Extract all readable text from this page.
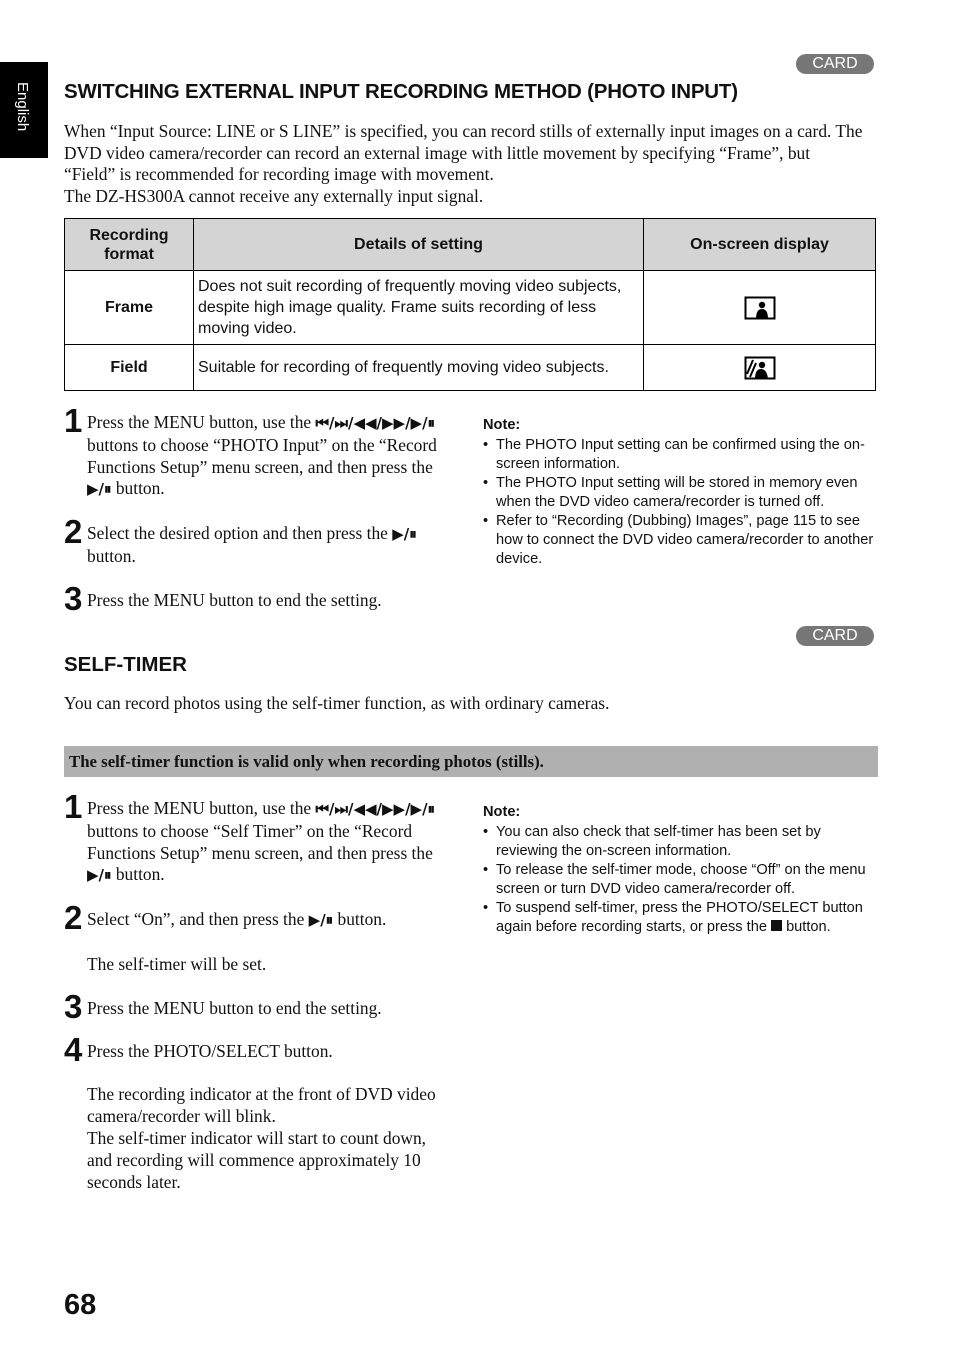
English
CARD
SWITCHING EXTERNAL INPUT RECORDING METHOD (PHOTO INPUT)

When “Input Source: LINE or S LINE” is specified, you can record stills of externally input images on a card. The DVD video camera/recorder can record an external image with little movement by specifying “Frame”, but “Field” is recommended for recording image with movement.

The DZ-HS300A cannot receive any externally input signal.

Recording format	Details of setting	On-screen display
Frame	Does not suit recording of frequently moving video subjects, despite high image quality. Frame suits recording of less moving video.	
Field	Suitable for recording of frequently moving video subjects.	
1 Press the MENU button, use the ⏮/⏭/◀◀/▶▶/▶/⏸ buttons to choose “PHOTO Input” on the “Record Functions Setup” menu screen, and then press the ▶/⏸ button.

2 Select the desired option and then press the ▶/⏸ button.

3 Press the MENU button to end the setting.

Note:
• The PHOTO Input setting can be confirmed using the on-screen information.
• The PHOTO Input setting will be stored in memory even when the DVD video camera/recorder is turned off.
• Refer to “Recording (Dubbing) Images”, page 115 to see how to connect the DVD video camera/recorder to another device.
CARD
SELF-TIMER
You can record photos using the self-timer function, as with ordinary cameras.
The self-timer function is valid only when recording photos (stills).
1 Press the MENU button, use the ⏮/⏭/◀◀/▶▶/▶/⏸ buttons to choose “Self Timer” on the “Record Functions Setup” menu screen, and then press the ▶/⏸ button.

2 Select “On”, and then press the ▶/⏸ button.

The self-timer will be set.

3 Press the MENU button to end the setting.

4 Press the PHOTO/SELECT button.

The recording indicator at the front of DVD video camera/recorder will blink.

The self-timer indicator will start to count down, and recording will commence approximately 10 seconds later.

Note:
• You can also check that self-timer has been set by reviewing the on-screen information.
• To release the self-timer mode, choose “Off” on the menu screen or turn DVD video camera/recorder off.
• To suspend self-timer, press the PHOTO/SELECT button again before recording starts, or press the  button.
68
